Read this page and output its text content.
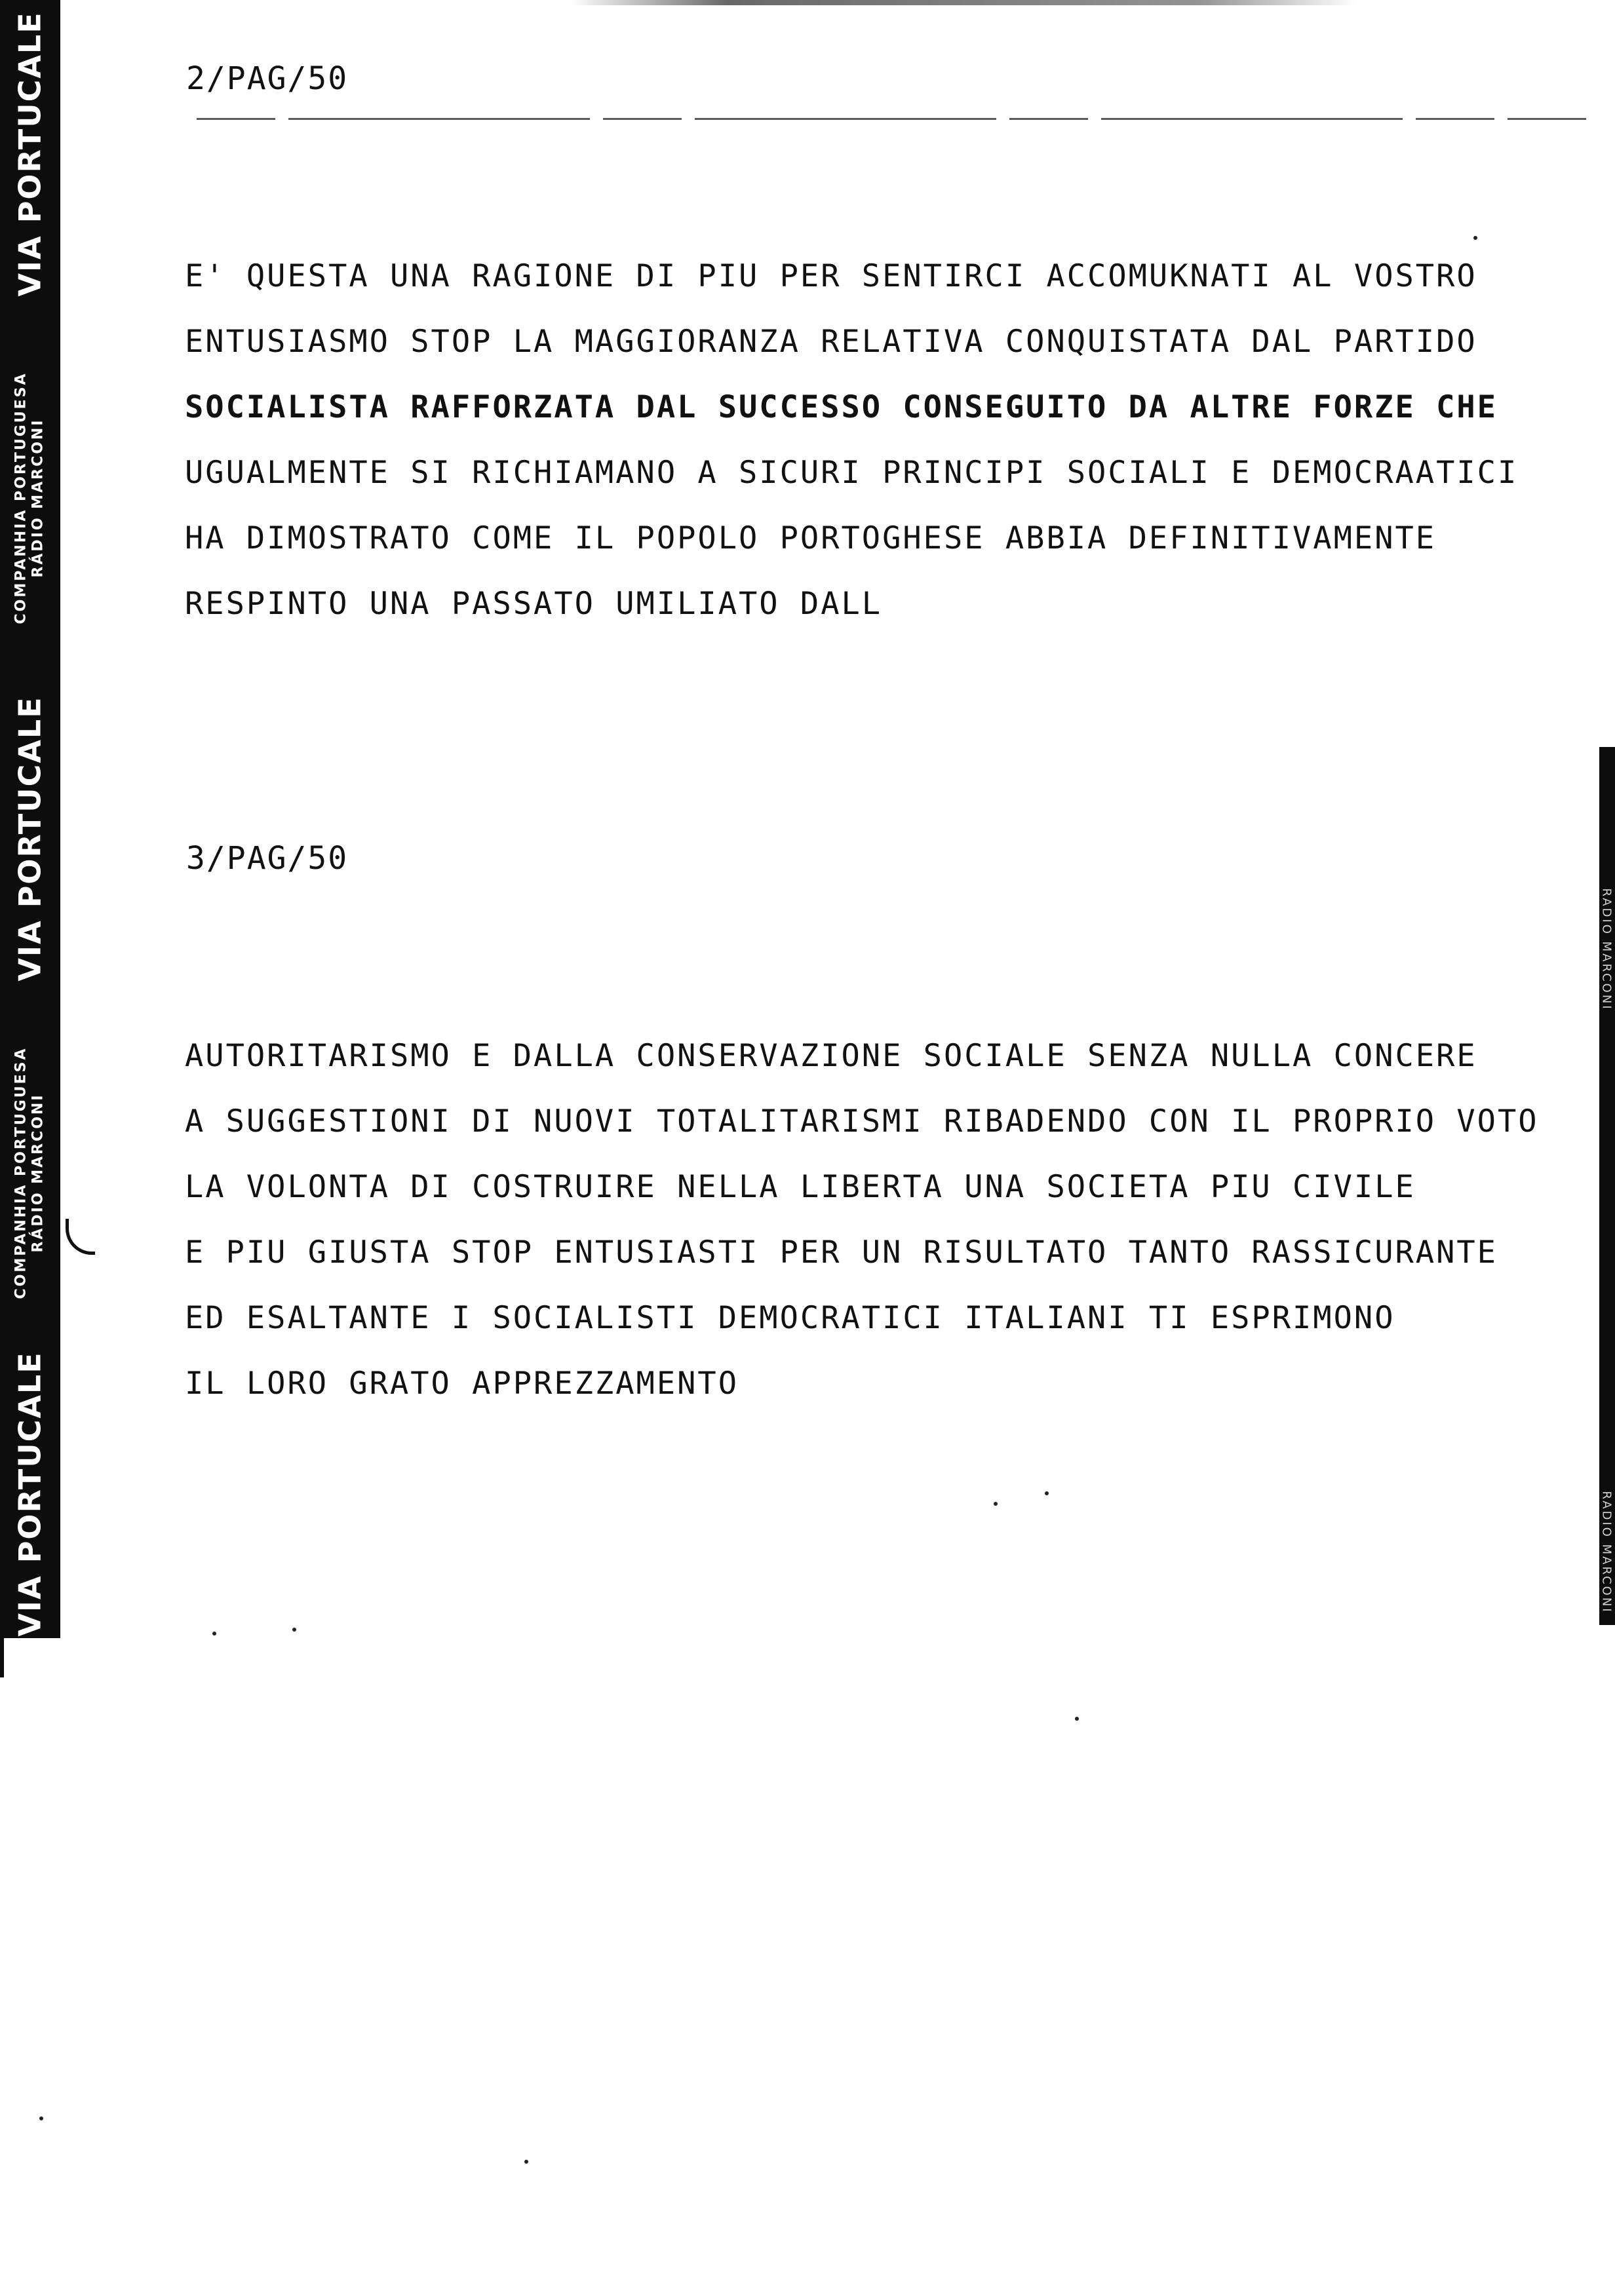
VIA PORTUCALE
COMPANHIA PORTUGUESA RÁDIO MARCONI
VIA PORTUCALE
COMPANHIA PORTUGUESA RÁDIO MARCONI
VIA PORTUCALE
2/PAG/50
E' QUESTA UNA RAGIONE DI PIU PER SENTIRCI ACCOMUKNATI AL VOSTRO
ENTUSIASMO STOP LA MAGGIORANZA RELATIVA CONQUISTATA DAL PARTIDO
SOCIALISTA RAFFORZATA DAL SUCCESSO CONSEGUITO DA ALTRE FORZE CHE
UGUALMENTE SI RICHIAMANO A SICURI PRINCIPI SOCIALI E DEMOCRAATICI
HA DIMOSTRATO COME IL POPOLO PORTOGHESE ABBIA DEFINITIVAMENTE
RESPINTO UNA PASSATO UMILIATO DALL
3/PAG/50
AUTORITARISMO E DALLA CONSERVAZIONE SOCIALE SENZA NULLA CONCERE
A SUGGESTIONI DI NUOVI TOTALITARISMI RIBADENDO CON IL PROPRIO VOTO
LA VOLONTA DI COSTRUIRE NELLA LIBERTA UNA SOCIETA PIU CIVILE
E PIU GIUSTA STOP ENTUSIASTI PER UN RISULTATO TANTO RASSICURANTE
ED ESALTANTE I SOCIALISTI DEMOCRATICI ITALIANI TI ESPRIMONO
IL LORO GRATO APPREZZAMENTO
